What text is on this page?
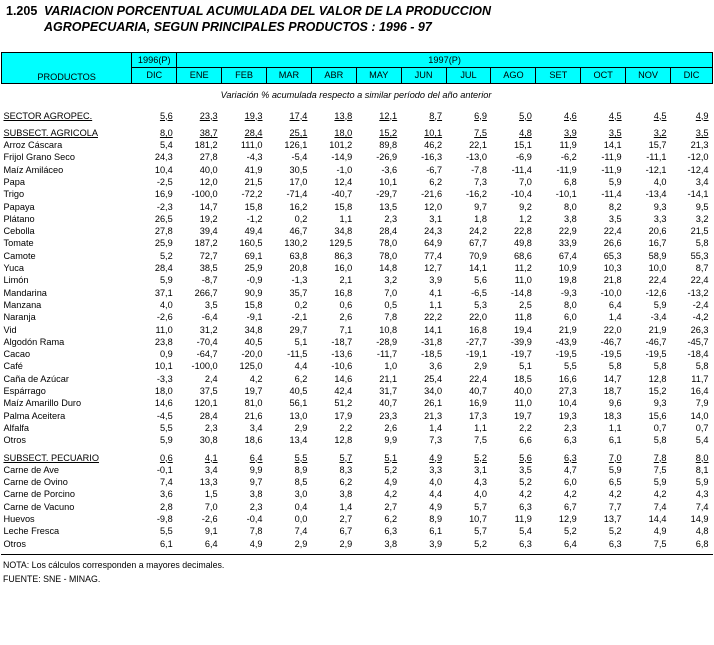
1.205 VARIACION PORCENTUAL ACUMULADA DEL VALOR DE LA PRODUCCION
AGROPECUARIA, SEGUN PRINCIPALES PRODUCTOS : 1996 - 97
PRODUCTOS	1996(P)	1997(P)											
	DIC	ENE	FEB	MAR	ABR	MAY	JUN	JUL	AGO	SET	OCT	NOV	DIC
Variación % acumulada respecto a similar período del año anterior													
SECTOR AGROPEC.	5,6	23,3	19,3	17,4	13,8	12,1	8,7	6,9	5,0	4,6	4,5	4,5	4,9

SUBSECT. AGRICOLA	8,0	38,7	28,4	25,1	18,0	15,2	10,1	7,5	4,8	3,9	3,5	3,2	3,5
Arroz Cáscara	5,4	181,2	111,0	126,1	101,2	89,8	46,2	22,1	15,1	11,9	14,1	15,7	21,3
Frijol Grano Seco	24,3	27,8	-4,3	-5,4	-14,9	-26,9	-16,3	-13,0	-6,9	-6,2	-11,9	-11,1	-12,0
Maíz Amiláceo	10,4	40,0	41,9	30,5	-1,0	-3,6	-6,7	-7,8	-11,4	-11,9	-11,9	-12,1	-12,4
Papa	-2,5	12,0	21,5	17,0	12,4	10,1	6,2	7,3	7,0	6,8	5,9	4,0	3,4
Trigo	16,9	-100,0	-72,2	-71,4	-40,7	-29,7	-21,6	-16,2	-10,4	-10,1	-11,4	-13,4	-14,1
Papaya	-2,3	14,7	15,8	16,2	15,8	13,5	12,0	9,7	9,2	8,0	8,2	9,3	9,5
Plátano	26,5	19,2	-1,2	0,2	1,1	2,3	3,1	1,8	1,2	3,8	3,5	3,3	3,2
Cebolla	27,8	39,4	49,4	46,7	34,8	28,4	24,3	24,2	22,8	22,9	22,4	20,6	21,5
Tomate	25,9	187,2	160,5	130,2	129,5	78,0	64,9	67,7	49,8	33,9	26,6	16,7	5,8
Camote	5,2	72,7	69,1	63,8	86,3	78,0	77,4	70,9	68,6	67,4	65,3	58,9	55,3
Yuca	28,4	38,5	25,9	20,8	16,0	14,8	12,7	14,1	11,2	10,9	10,3	10,0	8,7
Limón	5,9	-8,7	-0,9	-1,3	2,1	3,2	3,9	5,6	11,0	19,8	21,8	22,4	22,4
Mandarina	37,1	266,7	90,9	35,7	16,8	7,0	4,1	-6,5	-14,8	-9,3	-10,0	-12,6	-13,2
Manzana	4,0	3,5	15,8	0,2	0,6	0,5	1,1	5,3	2,5	8,0	6,4	5,9	-2,4
Naranja	-2,6	-6,4	-9,1	-2,1	2,6	7,8	22,2	22,0	11,8	6,0	1,4	-3,4	-4,2
Vid	11,0	31,2	34,8	29,7	7,1	10,8	14,1	16,8	19,4	21,9	22,0	21,9	26,3
Algodón Rama	23,8	-70,4	40,5	5,1	-18,7	-28,9	-31,8	-27,7	-39,9	-43,9	-46,7	-46,7	-45,7
Cacao	0,9	-64,7	-20,0	-11,5	-13,6	-11,7	-18,5	-19,1	-19,7	-19,5	-19,5	-19,5	-18,4
Café	10,1	-100,0	125,0	4,4	-10,6	1,0	3,6	2,9	5,1	5,5	5,8	5,8	5,8
Caña de Azúcar	-3,3	2,4	4,2	6,2	14,6	21,1	25,4	22,4	18,5	16,6	14,7	12,8	11,7
Espárrago	18,0	37,5	19,7	40,5	42,4	31,7	34,0	40,7	40,0	27,3	18,7	15,2	16,4
Maíz Amarillo Duro	14,6	120,1	81,0	56,1	51,2	40,7	26,1	16,9	11,0	10,4	9,6	9,3	7,9
Palma Aceitera	-4,5	28,4	21,6	13,0	17,9	23,3	21,3	17,3	19,7	19,3	18,3	15,6	14,0
Alfalfa	5,5	2,3	3,4	2,9	2,2	2,6	1,4	1,1	2,2	2,3	1,1	0,7	0,7
Otros	5,9	30,8	18,6	13,4	12,8	9,9	7,3	7,5	6,6	6,3	6,1	5,8	5,4

SUBSECT. PECUARIO	0,6	4,1	6,4	5,5	5,7	5,1	4,9	5,2	5,6	6,3	7,0	7,8	8,0
Carne de Ave	-0,1	3,4	9,9	8,9	8,3	5,2	3,3	3,1	3,5	4,7	5,9	7,5	8,1
Carne de Ovino	7,4	13,3	9,7	8,5	6,2	4,9	4,0	4,3	5,2	6,0	6,5	5,9	5,9
Carne de Porcino	3,6	1,5	3,8	3,0	3,8	4,2	4,4	4,0	4,2	4,2	4,2	4,2	4,3
Carne de Vacuno	2,8	7,0	2,3	0,4	1,4	2,7	4,9	5,7	6,3	6,7	7,7	7,4	7,4
Huevos	-9,8	-2,6	-0,4	0,0	2,7	6,2	8,9	10,7	11,9	12,9	13,7	14,4	14,9
Leche Fresca	5,5	9,1	7,8	7,4	6,7	6,3	6,1	5,7	5,4	5,2	5,2	4,9	4,8
Otros	6,1	6,4	4,9	2,9	2,9	3,8	3,9	5,2	6,3	6,4	6,3	7,5	6,8
NOTA: Los cálculos corresponden a mayores decimales.
FUENTE: SNE - MINAG.
